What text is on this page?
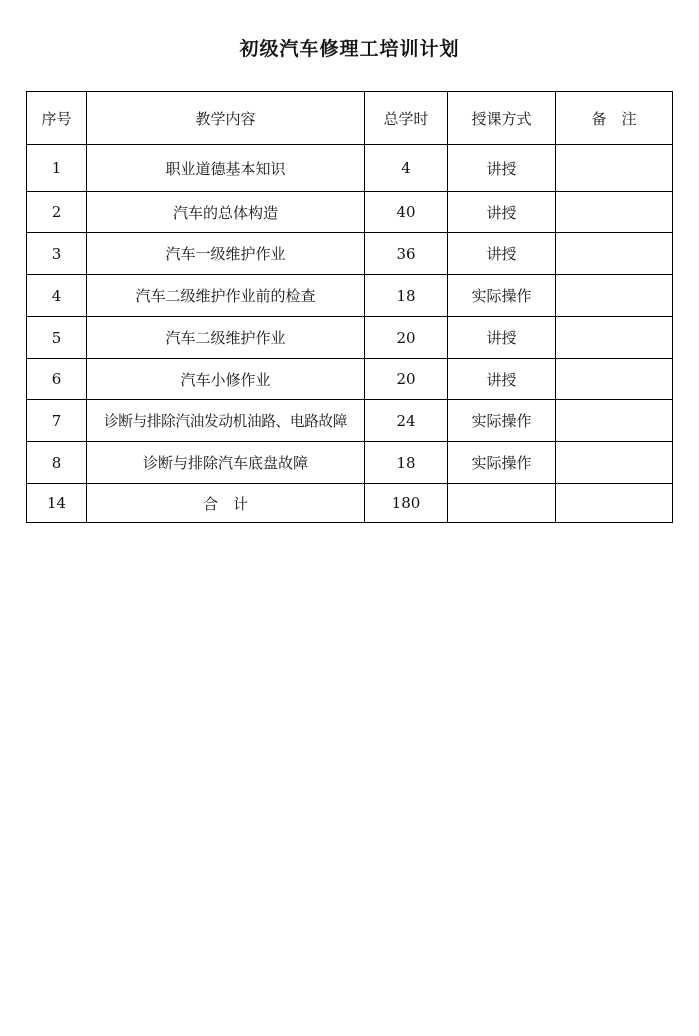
初级汽车修理工培训计划
序号	教学内容	总学时	授课方式	备　注
1	职业道德基本知识	4	讲授	
2	汽车的总体构造	40	讲授	
3	汽车一级维护作业	36	讲授	
4	汽车二级维护作业前的检查	18	实际操作	
5	汽车二级维护作业	20	讲授	
6	汽车小修作业	20	讲授	
7	诊断与排除汽油发动机油路、电路故障	24	实际操作	
8	诊断与排除汽车底盘故障	18	实际操作	
14	合　计	180		
